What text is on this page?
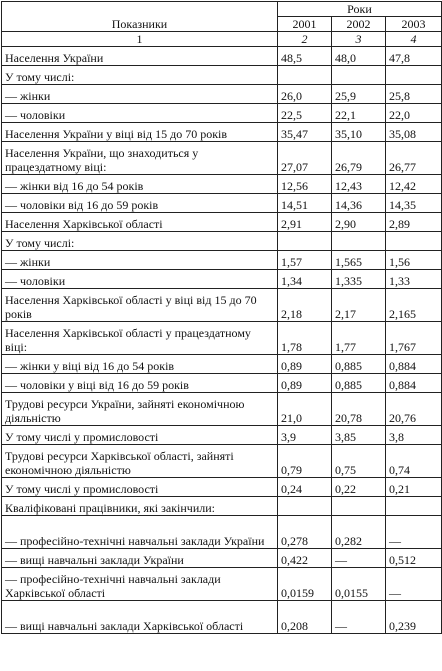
Показники	Роки		
	2001	2002	2003
1	2	3	4
Населення України	48,5	48,0	47,8
У тому числі:			
— жінки	26,0	25,9	25,8
— чоловіки	22,5	22,1	22,0
Населення України у віці від 15 до 70 років	35,47	35,10	35,08
Населення України, що знаходиться у працездатному віці:	27,07	26,79	26,77
— жінки від 16 до 54 років	12,56	12,43	12,42
— чоловіки від 16 до 59 років	14,51	14,36	14,35
Населення Харківської області	2,91	2,90	2,89
У тому числі:			
— жінки	1,57	1,565	1,56
— чоловіки	1,34	1,335	1,33
Населення Харківської області у віці від 15 до 70 років	2,18	2,17	2,165
Населення Харківської області у працездатному віці:	1,78	1,77	1,767
— жінки у віці від 16 до 54 років	0,89	0,885	0,884
— чоловіки у віці від 16 до 59 років	0,89	0,885	0,884
Трудові ресурси України, зайняті економічною діяльністю	21,0	20,78	20,76
У тому числі у промисловості	3,9	3,85	3,8
Трудові ресурси Харківської області, зайняті економічною діяльністю	0,79	0,75	0,74
У тому числі у промисловості	0,24	0,22	0,21
Кваліфіковані працівники, які закінчили:			
— професійно-технічні навчальні заклади України	0,278	0,282	—
— вищі навчальні заклади України	0,422	—	0,512
— професійно-технічні навчальні заклади Харківської області	0,0159	0,0155	—
— вищі навчальні заклади Харківської області	0,208	—	0,239
